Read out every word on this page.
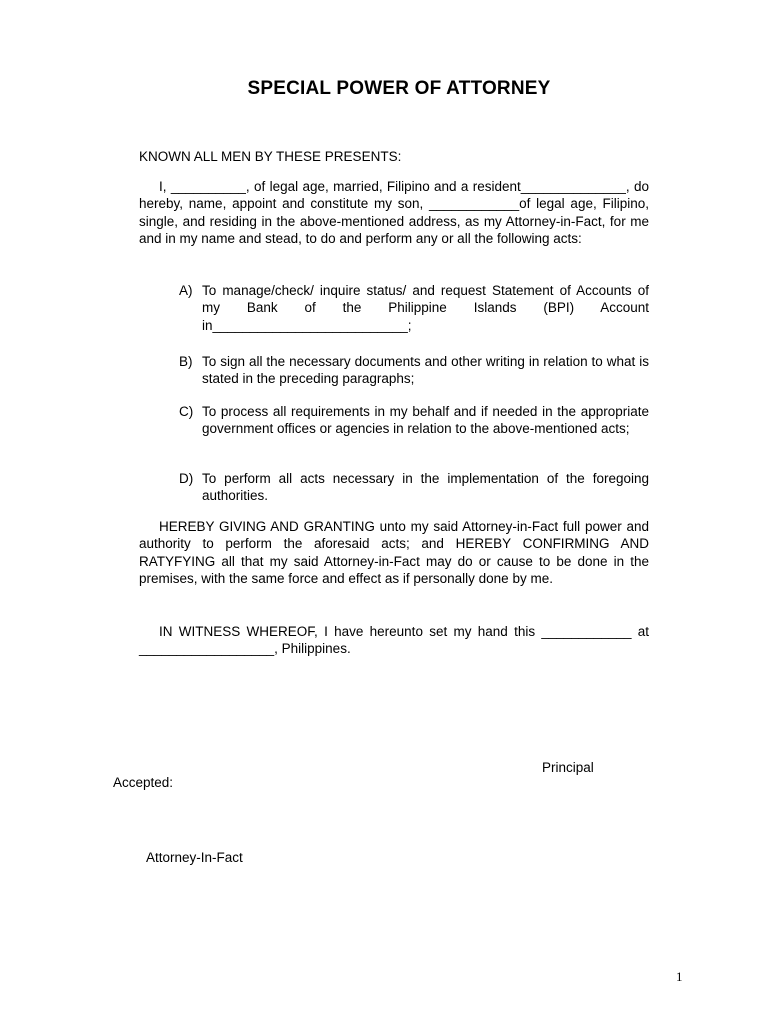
SPECIAL POWER OF ATTORNEY
KNOWN ALL MEN BY THESE PRESENTS:
I, __________, of legal age, married, Filipino and a resident______________, do hereby, name, appoint and constitute my son, ____________of legal age, Filipino, single, and residing in the above-mentioned address, as my Attorney-in-Fact, for me and in my name and stead, to do and perform any or all the following acts:
A) To manage/check/ inquire status/ and request Statement of Accounts of my Bank of the Philippine Islands (BPI) Account in__________________________;
B) To sign all the necessary documents and other writing in relation to what is stated in the preceding paragraphs;
C) To process all requirements in my behalf and if needed in the appropriate government offices or agencies in relation to the above-mentioned acts;
D) To perform all acts necessary in the implementation of the foregoing authorities.
HEREBY GIVING AND GRANTING unto my said Attorney-in-Fact full power and authority to perform the aforesaid acts; and HEREBY CONFIRMING AND RATYFYING all that my said Attorney-in-Fact may do or cause to be done in the premises, with the same force and effect as if personally done by me.
IN WITNESS WHEREOF, I have hereunto set my hand this ____________ at __________________, Philippines.
Principal
Accepted:
Attorney-In-Fact
1
